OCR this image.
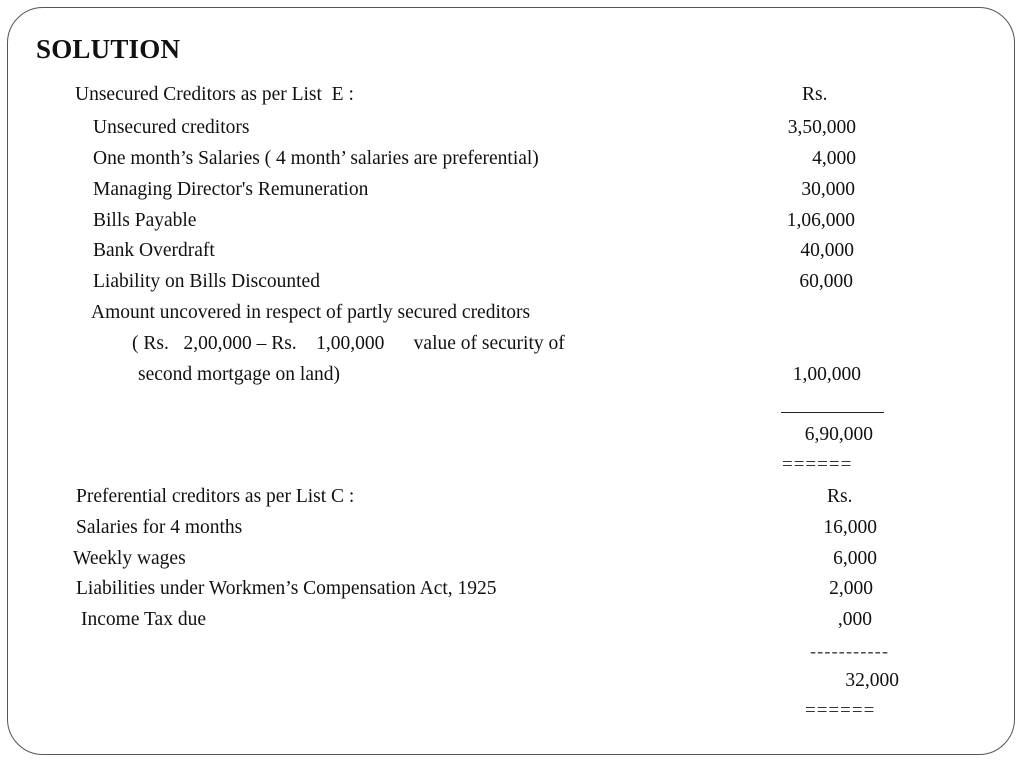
SOLUTION
Unsecured Creditors as per List  E :	Rs.
Unsecured creditors	3,50,000
One month’s Salaries ( 4 month’ salaries are preferential)	4,000
Managing Director's Remuneration	30,000
Bills Payable	1,06,000
Bank Overdraft	40,000
Liability on Bills Discounted	60,000
Amount uncovered in respect of partly secured creditors
( Rs.   2,00,000 – Rs.    1,00,000      value of security of
second mortgage on land)	1,00,000
6,90,000
======
Preferential creditors as per List C :	Rs.
Salaries for 4 months	16,000
Weekly wages	6,000
Liabilities under Workmen’s Compensation Act, 1925	2,000
Income Tax due	,000
-----------
32,000
======
